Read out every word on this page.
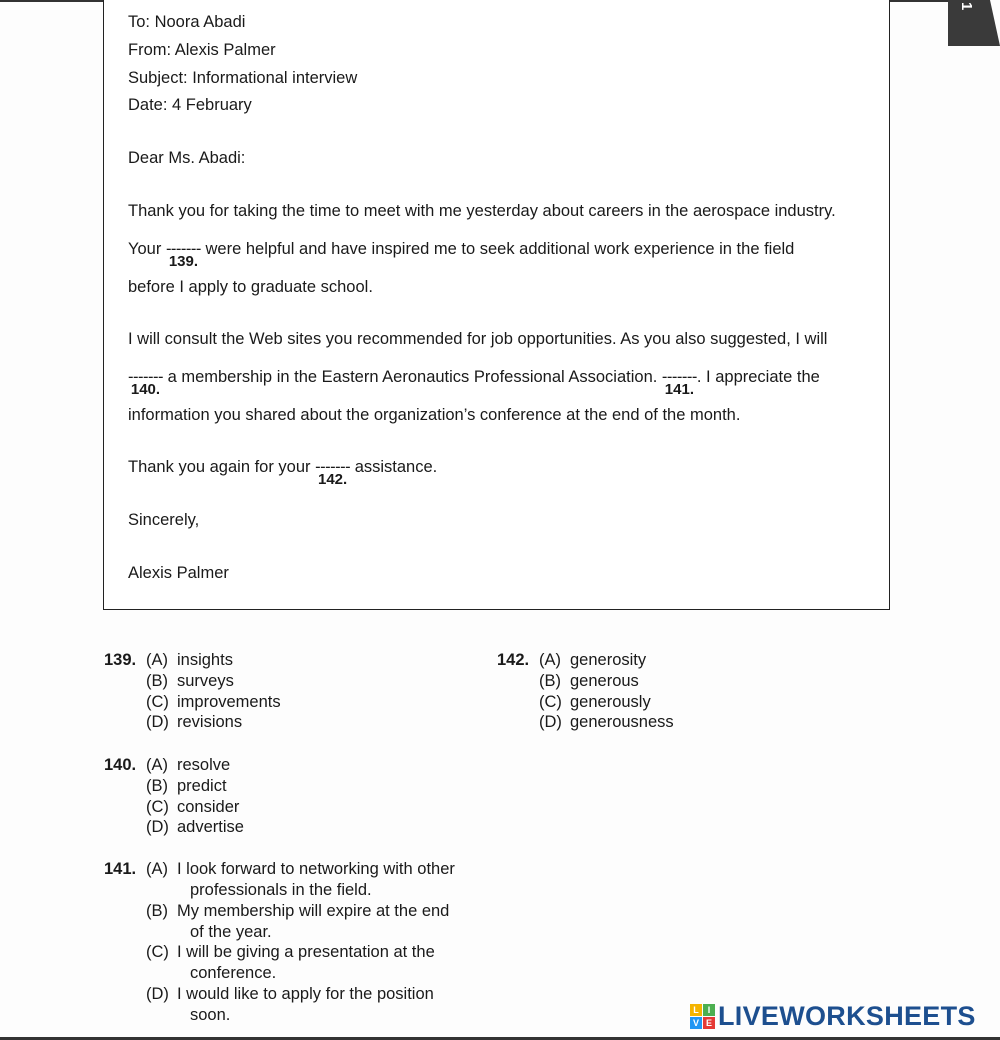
1
To: Noora Abadi
From: Alexis Palmer
Subject: Informational interview
Date: 4 February
Dear Ms. Abadi:
Thank you for taking the time to meet with me yesterday about careers in the aerospace industry.
Your -------
139.
were helpful and have inspired me to seek additional work experience in the field
before I apply to graduate school.
I will consult the Web sites you recommended for job opportunities. As you also suggested, I will
-------
140.
a membership in the Eastern Aeronautics Professional Association. -------
141.
. I appreciate the
information you shared about the organization’s conference at the end of the month.
Thank you again for your -------
142.
assistance.
Sincerely,
Alexis Palmer
139. (A) insights
(B) surveys
(C) improvements
(D) revisions
140. (A) resolve
(B) predict
(C) consider
(D) advertise
141. (A) I look forward to networking with other
professionals in the field.
(B) My membership will expire at the end
of the year.
(C) I will be giving a presentation at the
conference.
(D) I would like to apply for the position
soon.
142. (A) generosity
(B) generous
(C) generously
(D) generousness
L I
V E LIVEWORKSHEETS
